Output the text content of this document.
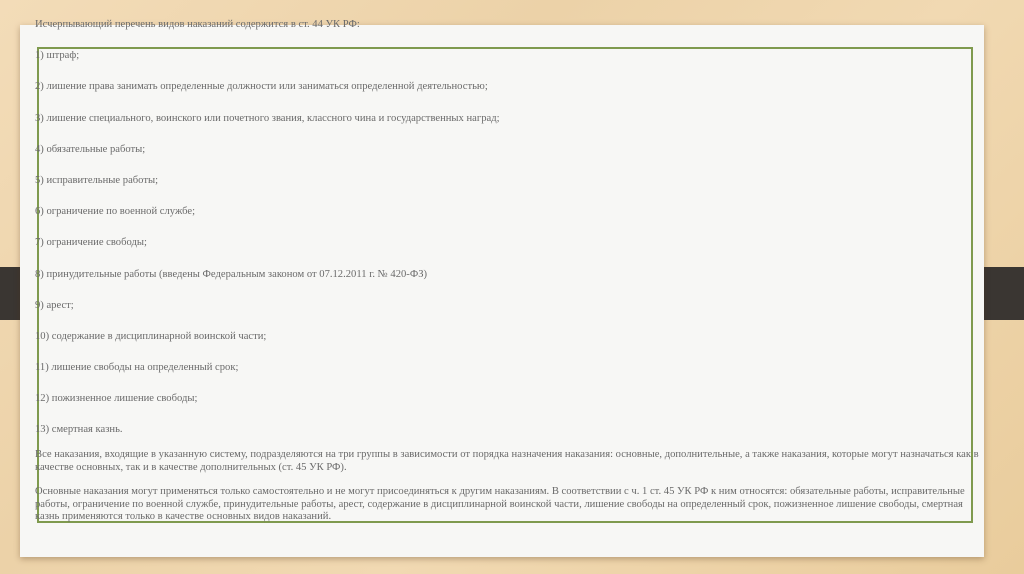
Исчерпывающий перечень видов наказаний содержится в ст. 44 УК РФ:

1) штраф;

2) лишение права занимать определенные должности или заниматься определенной деятельностью;

3) лишение специального, воинского или почетного звания, классного чина и государственных наград;

4) обязательные работы;

5) исправительные работы;

6) ограничение по военной службе;

7) ограничение свободы;

8) принудительные работы (введены Федеральным законом от 07.12.2011 г. № 420-ФЗ)

9) арест;

10) содержание в дисциплинарной воинской части;

11) лишение свободы на определенный срок;

12) пожизненное лишение свободы;

13) смертная казнь.

Все наказания, входящие в указанную систему, подразделяются на три группы в зависимости от порядка назначения наказания: основные, дополнительные, а также наказания, которые могут назначаться как в качестве основных, так и в качестве дополнительных (ст. 45 УК РФ).

Основные наказания могут применяться только самостоятельно и не могут присоединяться к другим наказаниям. В соответствии с ч. 1 ст. 45 УК РФ к ним относятся: обязательные работы, исправительные работы, ограничение по военной службе, принудительные работы, арест, содержание в дисциплинарной воинской части, лишение свободы на определенный срок, пожизненное лишение свободы, смертная казнь применяются только в качестве основных видов наказаний.
